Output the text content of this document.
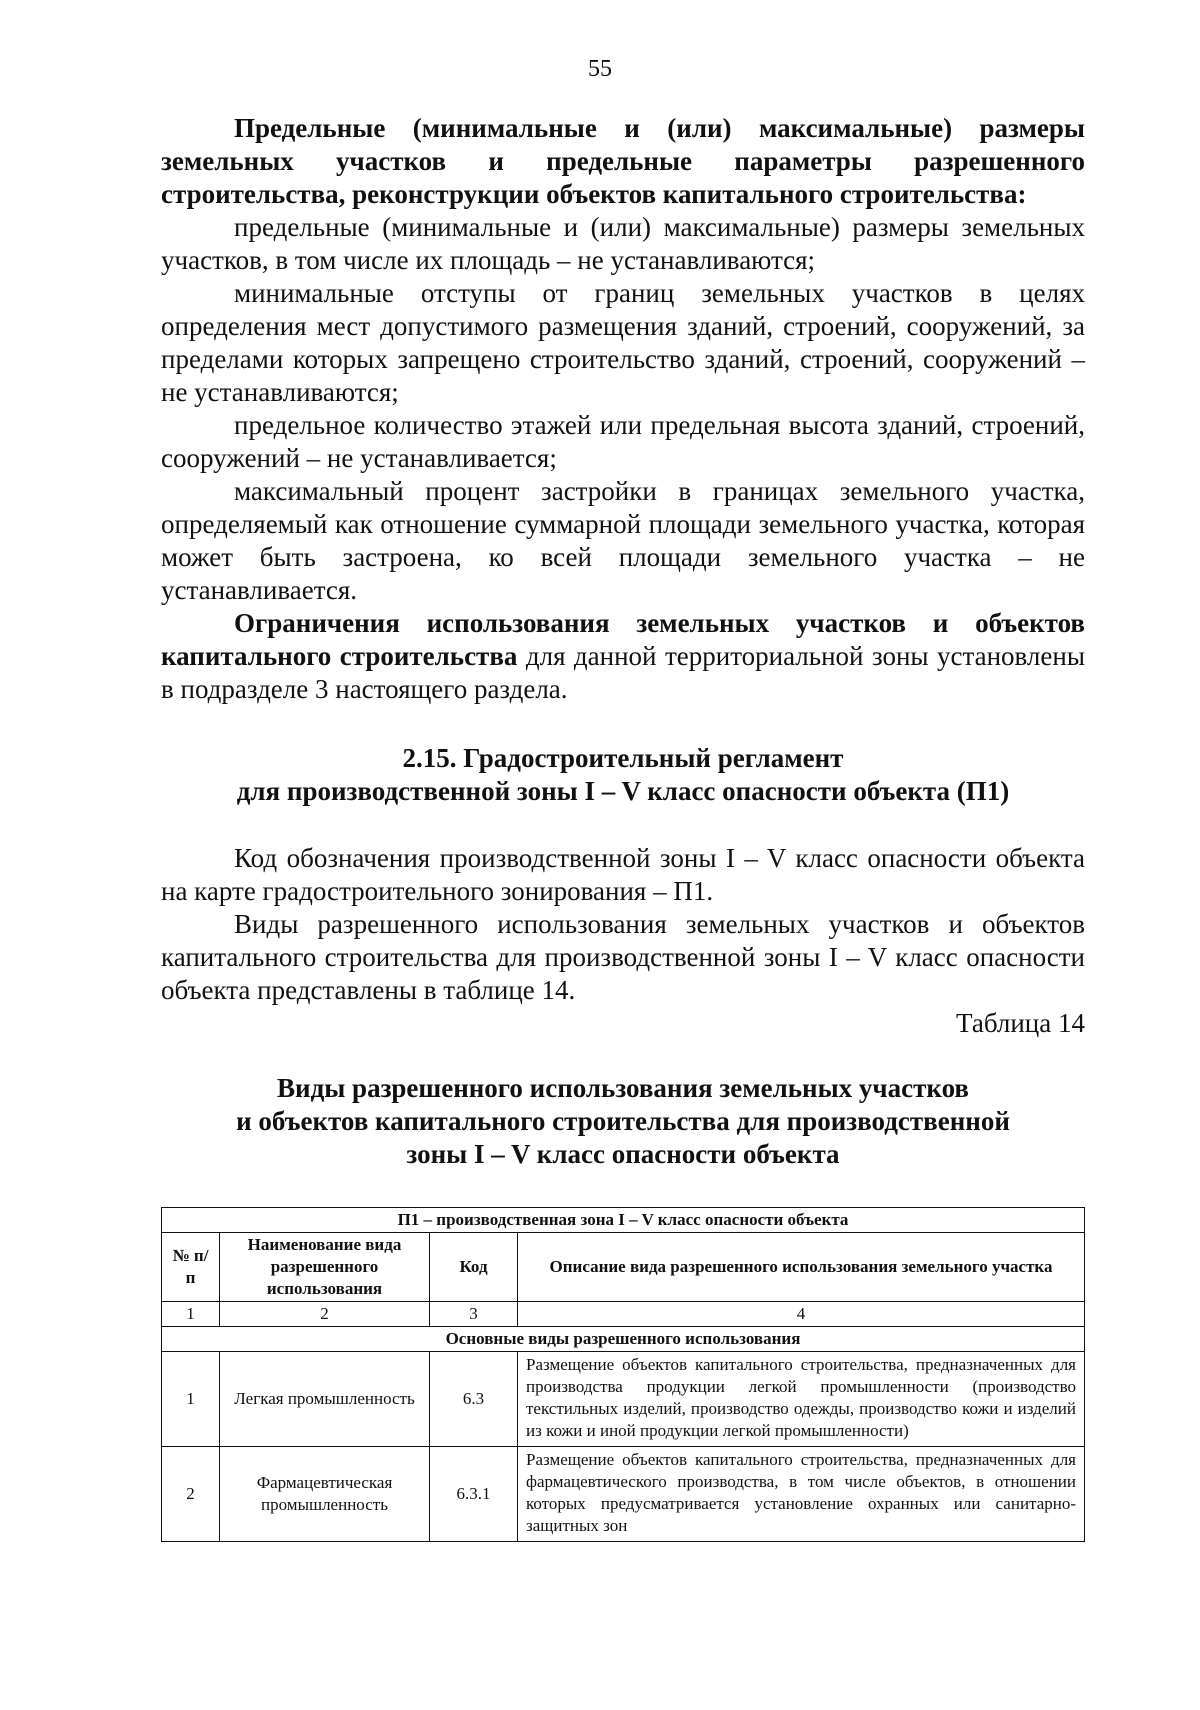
55

Предельные (минимальные и (или) максимальные) размеры земельных участков и предельные параметры разрешенного строительства, реконструкции объектов капитального строительства:

предельные (минимальные и (или) максимальные) размеры земельных участков, в том числе их площадь – не устанавливаются;

минимальные отступы от границ земельных участков в целях определения мест допустимого размещения зданий, строений, сооружений, за пределами которых запрещено строительство зданий, строений, сооружений – не устанавливаются;

предельное количество этажей или предельная высота зданий, строений, сооружений – не устанавливается;

максимальный процент застройки в границах земельного участка, определяемый как отношение суммарной площади земельного участка, которая может быть застроена, ко всей площади земельного участка – не устанавливается.

Ограничения использования земельных участков и объектов капитального строительства для данной территориальной зоны установлены в подразделе 3 настоящего раздела.

2.15. Градостроительный регламент
для производственной зоны I – V класс опасности объекта (П1)

Код обозначения производственной зоны I – V класс опасности объекта на карте градостроительного зонирования – П1.

Виды разрешенного использования земельных участков и объектов капитального строительства для производственной зоны I – V класс опасности объекта представлены в таблице 14.

Таблица 14
Виды разрешенного использования земельных участков
и объектов капитального строительства для производственной
зоны I – V класс опасности объекта
П1 – производственная зона I – V класс опасности объекта			
№ п/п	Наименование вида разрешенного использования	Код	Описание вида разрешенного использования земельного участка
1	2	3	4
Основные виды разрешенного использования			
1	Легкая промышленность	6.3	Размещение объектов капитального строительства, предназначенных для производства продукции легкой промышленности (производство текстильных изделий, производство одежды, производство кожи и изделий из кожи и иной продукции легкой промышленности)
2	Фармацевтическая промышленность	6.3.1	Размещение объектов капитального строительства, предназначенных для фармацевтического производства, в том числе объектов, в отношении которых предусматривается установление охранных или санитарно-защитных зон
